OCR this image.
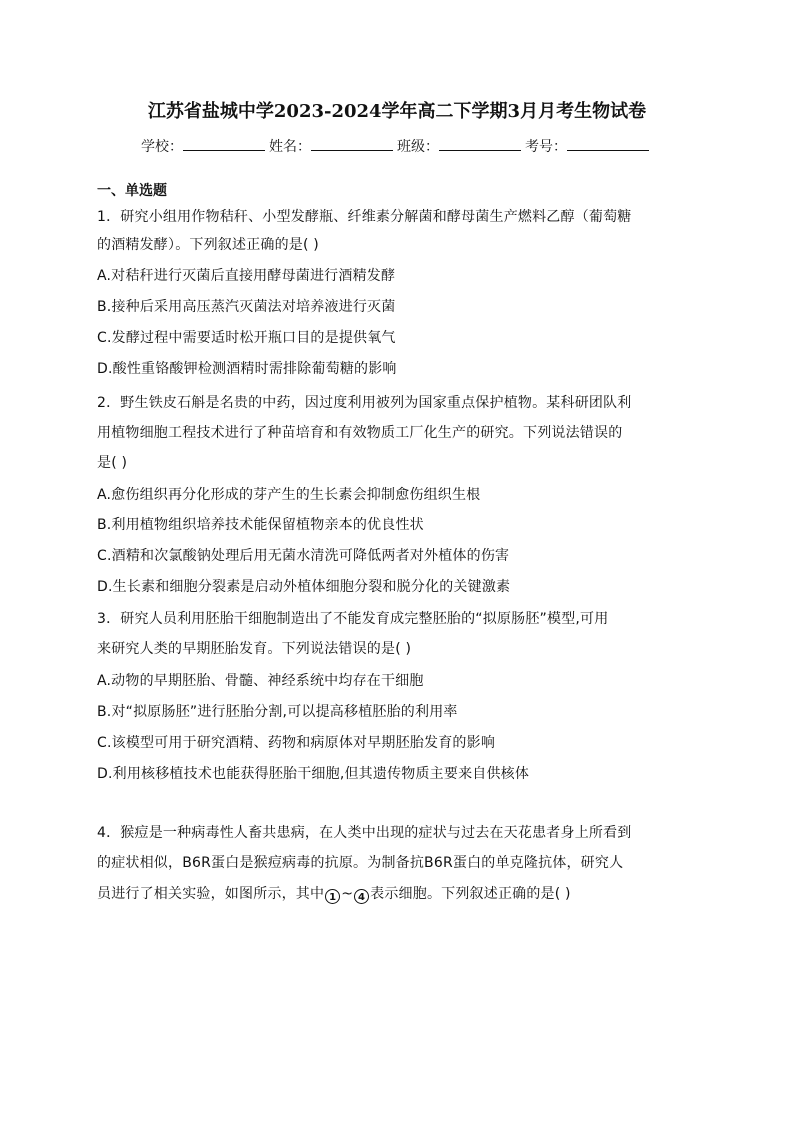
江苏省盐城中学2023-2024学年高二下学期3月月考生物试卷
学校：	姓名：	班级：	考号：
一、单选题
1．研究小组用作物秸秆、小型发酵瓶、纤维素分解菌和酵母菌生产燃料乙醇（葡萄糖
的酒精发酵）。下列叙述正确的是( )
A.对秸秆进行灭菌后直接用酵母菌进行酒精发酵
B.接种后采用高压蒸汽灭菌法对培养液进行灭菌
C.发酵过程中需要适时松开瓶口目的是提供氧气
D.酸性重铬酸钾检测酒精时需排除葡萄糖的影响
2．野生铁皮石斛是名贵的中药，因过度利用被列为国家重点保护植物。某科研团队利
用植物细胞工程技术进行了种苗培育和有效物质工厂化生产的研究。下列说法错误的
是( )
A.愈伤组织再分化形成的芽产生的生长素会抑制愈伤组织生根
B.利用植物组织培养技术能保留植物亲本的优良性状
C.酒精和次氯酸钠处理后用无菌水清洗可降低两者对外植体的伤害
D.生长素和细胞分裂素是启动外植体细胞分裂和脱分化的关键激素
3．研究人员利用胚胎干细胞制造出了不能发育成完整胚胎的“拟原肠胚”模型,可用
来研究人类的早期胚胎发育。下列说法错误的是( )
A.动物的早期胚胎、骨髓、神经系统中均存在干细胞
B.对“拟原肠胚”进行胚胎分割,可以提高移植胚胎的利用率
C.该模型可用于研究酒精、药物和病原体对早期胚胎发育的影响
D.利用核移植技术也能获得胚胎干细胞,但其遗传物质主要来自供核体
4．猴痘是一种病毒性人畜共患病，在人类中出现的症状与过去在天花患者身上所看到
的症状相似，B6R蛋白是猴痘病毒的抗原。为制备抗B6R蛋白的单克隆抗体，研究人
员进行了相关实验，如图所示，其中 1 ~ 4 表示细胞。下列叙述正确的是( )
